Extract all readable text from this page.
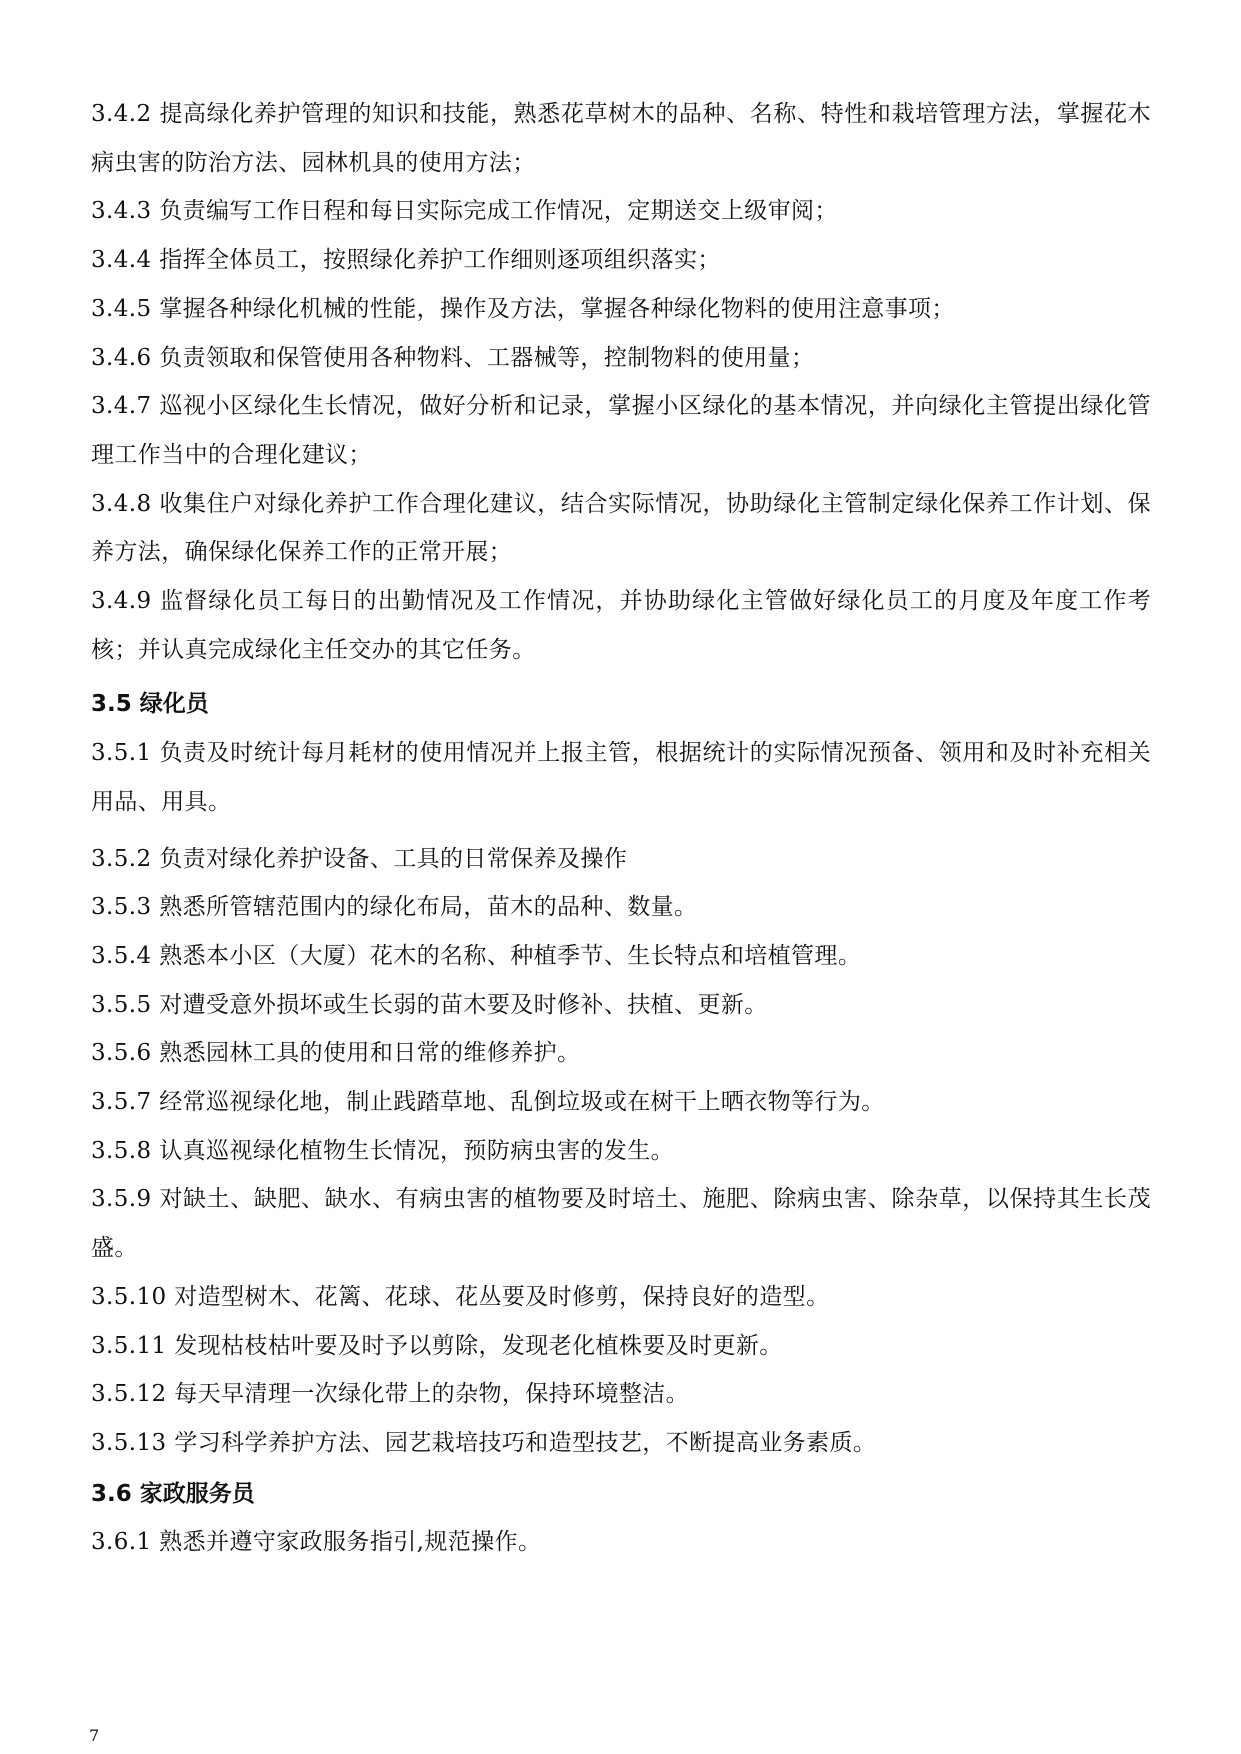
3.4.2 提高绿化养护管理的知识和技能，熟悉花草树木的品种、名称、特性和栽培管理方法，掌握花木病虫害的防治方法、园林机具的使用方法；

3.4.3 负责编写工作日程和每日实际完成工作情况，定期送交上级审阅；

3.4.4 指挥全体员工，按照绿化养护工作细则逐项组织落实；

3.4.5 掌握各种绿化机械的性能，操作及方法，掌握各种绿化物料的使用注意事项；

3.4.6 负责领取和保管使用各种物料、工器械等，控制物料的使用量；

3.4.7 巡视小区绿化生长情况，做好分析和记录，掌握小区绿化的基本情况，并向绿化主管提出绿化管理工作当中的合理化建议；

3.4.8 收集住户对绿化养护工作合理化建议，结合实际情况，协助绿化主管制定绿化保养工作计划、保养方法，确保绿化保养工作的正常开展；

3.4.9 监督绿化员工每日的出勤情况及工作情况，并协助绿化主管做好绿化员工的月度及年度工作考核；并认真完成绿化主任交办的其它任务。

3.5 绿化员

3.5.1 负责及时统计每月耗材的使用情况并上报主管，根据统计的实际情况预备、领用和及时补充相关用品、用具。

3.5.2 负责对绿化养护设备、工具的日常保养及操作

3.5.3 熟悉所管辖范围内的绿化布局，苗木的品种、数量。

3.5.4 熟悉本小区（大厦）花木的名称、种植季节、生长特点和培植管理。

3.5.5 对遭受意外损坏或生长弱的苗木要及时修补、扶植、更新。

3.5.6 熟悉园林工具的使用和日常的维修养护。

3.5.7 经常巡视绿化地，制止践踏草地、乱倒垃圾或在树干上晒衣物等行为。

3.5.8 认真巡视绿化植物生长情况，预防病虫害的发生。

3.5.9 对缺土、缺肥、缺水、有病虫害的植物要及时培土、施肥、除病虫害、除杂草，以保持其生长茂盛。

3.5.10 对造型树木、花篱、花球、花丛要及时修剪，保持良好的造型。

3.5.11 发现枯枝枯叶要及时予以剪除，发现老化植株要及时更新。

3.5.12 每天早清理一次绿化带上的杂物，保持环境整洁。

3.5.13 学习科学养护方法、园艺栽培技巧和造型技艺，不断提高业务素质。

3.6 家政服务员

3.6.1 熟悉并遵守家政服务指引,规范操作。

7
